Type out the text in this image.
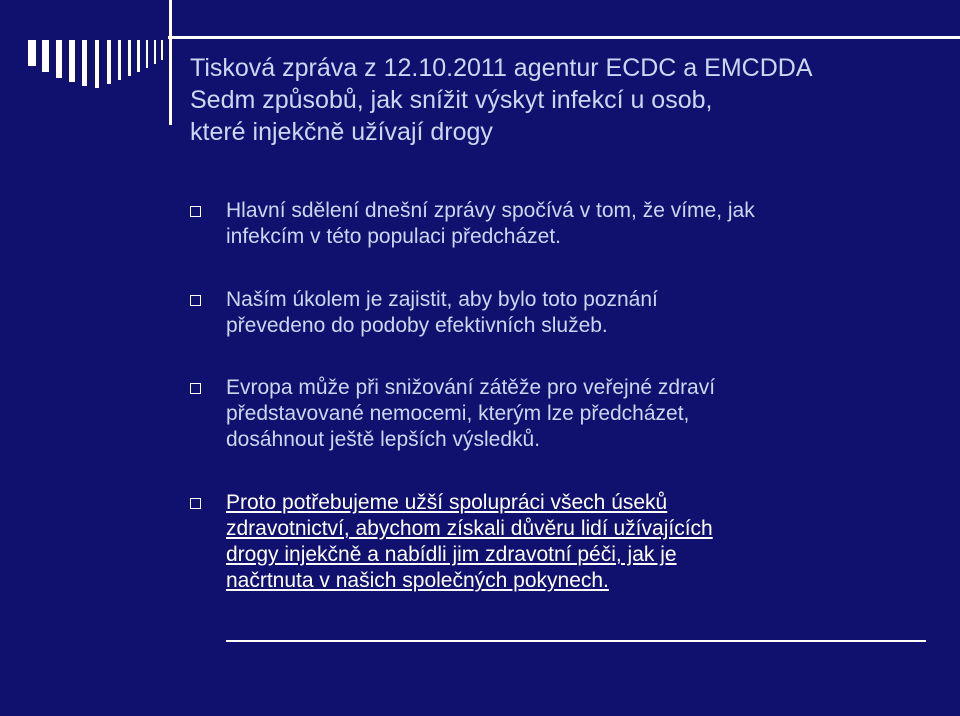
Tisková zpráva z 12.10.2011 agentur ECDC a EMCDDA
Sedm způsobů, jak snížit výskyt infekcí u osob,
které injekčně užívají drogy
Hlavní sdělení dnešní zprávy spočívá v tom, že víme, jak
infekcím v této populaci předcházet.
Naším úkolem je zajistit, aby bylo toto poznání
převedeno do podoby efektivních služeb.
Evropa může při snižování zátěže pro veřejné zdraví
představované nemocemi, kterým lze předcházet,
dosáhnout ještě lepších výsledků.
Proto potřebujeme užší spolupráci všech úseků
zdravotnictví, abychom získali důvěru lidí užívajících
drogy injekčně a nabídli jim zdravotní péči, jak je
načrtnuta v našich společných pokynech.
